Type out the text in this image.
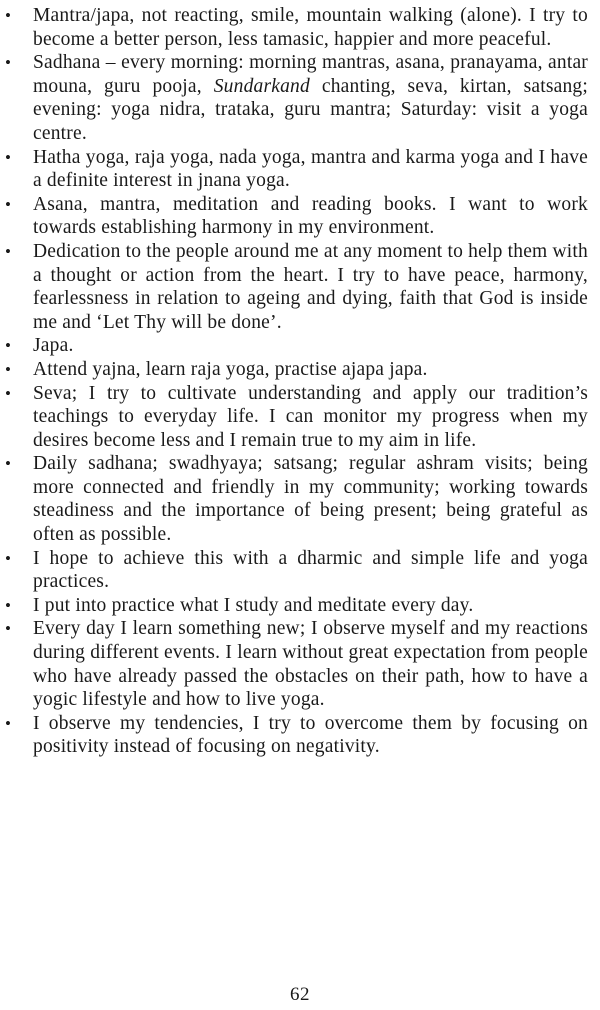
• Mantra/japa, not reacting, smile, mountain walking (alone). I try to become a better person, less tamasic, happier and more peaceful.
• Sadhana – every morning: morning mantras, asana, pranayama, antar mouna, guru pooja, Sundarkand chanting, seva, kirtan, satsang; evening: yoga nidra, trataka, guru mantra; Saturday: visit a yoga centre.
• Hatha yoga, raja yoga, nada yoga, mantra and karma yoga and I have a definite interest in jnana yoga.
• Asana, mantra, meditation and reading books. I want to work towards establishing harmony in my environment.
• Dedication to the people around me at any moment to help them with a thought or action from the heart. I try to have peace, harmony, fearlessness in relation to ageing and dying, faith that God is inside me and ‘Let Thy will be done’.
• Japa.
• Attend yajna, learn raja yoga, practise ajapa japa.
• Seva; I try to cultivate understanding and apply our tradition’s teachings to everyday life. I can monitor my progress when my desires become less and I remain true to my aim in life.
• Daily sadhana; swadhyaya; satsang; regular ashram visits; being more connected and friendly in my community; working towards steadiness and the importance of being present; being grateful as often as possible.
• I hope to achieve this with a dharmic and simple life and yoga practices.
• I put into practice what I study and meditate every day.
• Every day I learn something new; I observe myself and my reactions during different events. I learn without great expectation from people who have already passed the obstacles on their path, how to have a yogic lifestyle and how to live yoga.
• I observe my tendencies, I try to overcome them by focusing on positivity instead of focusing on negativity.
62
